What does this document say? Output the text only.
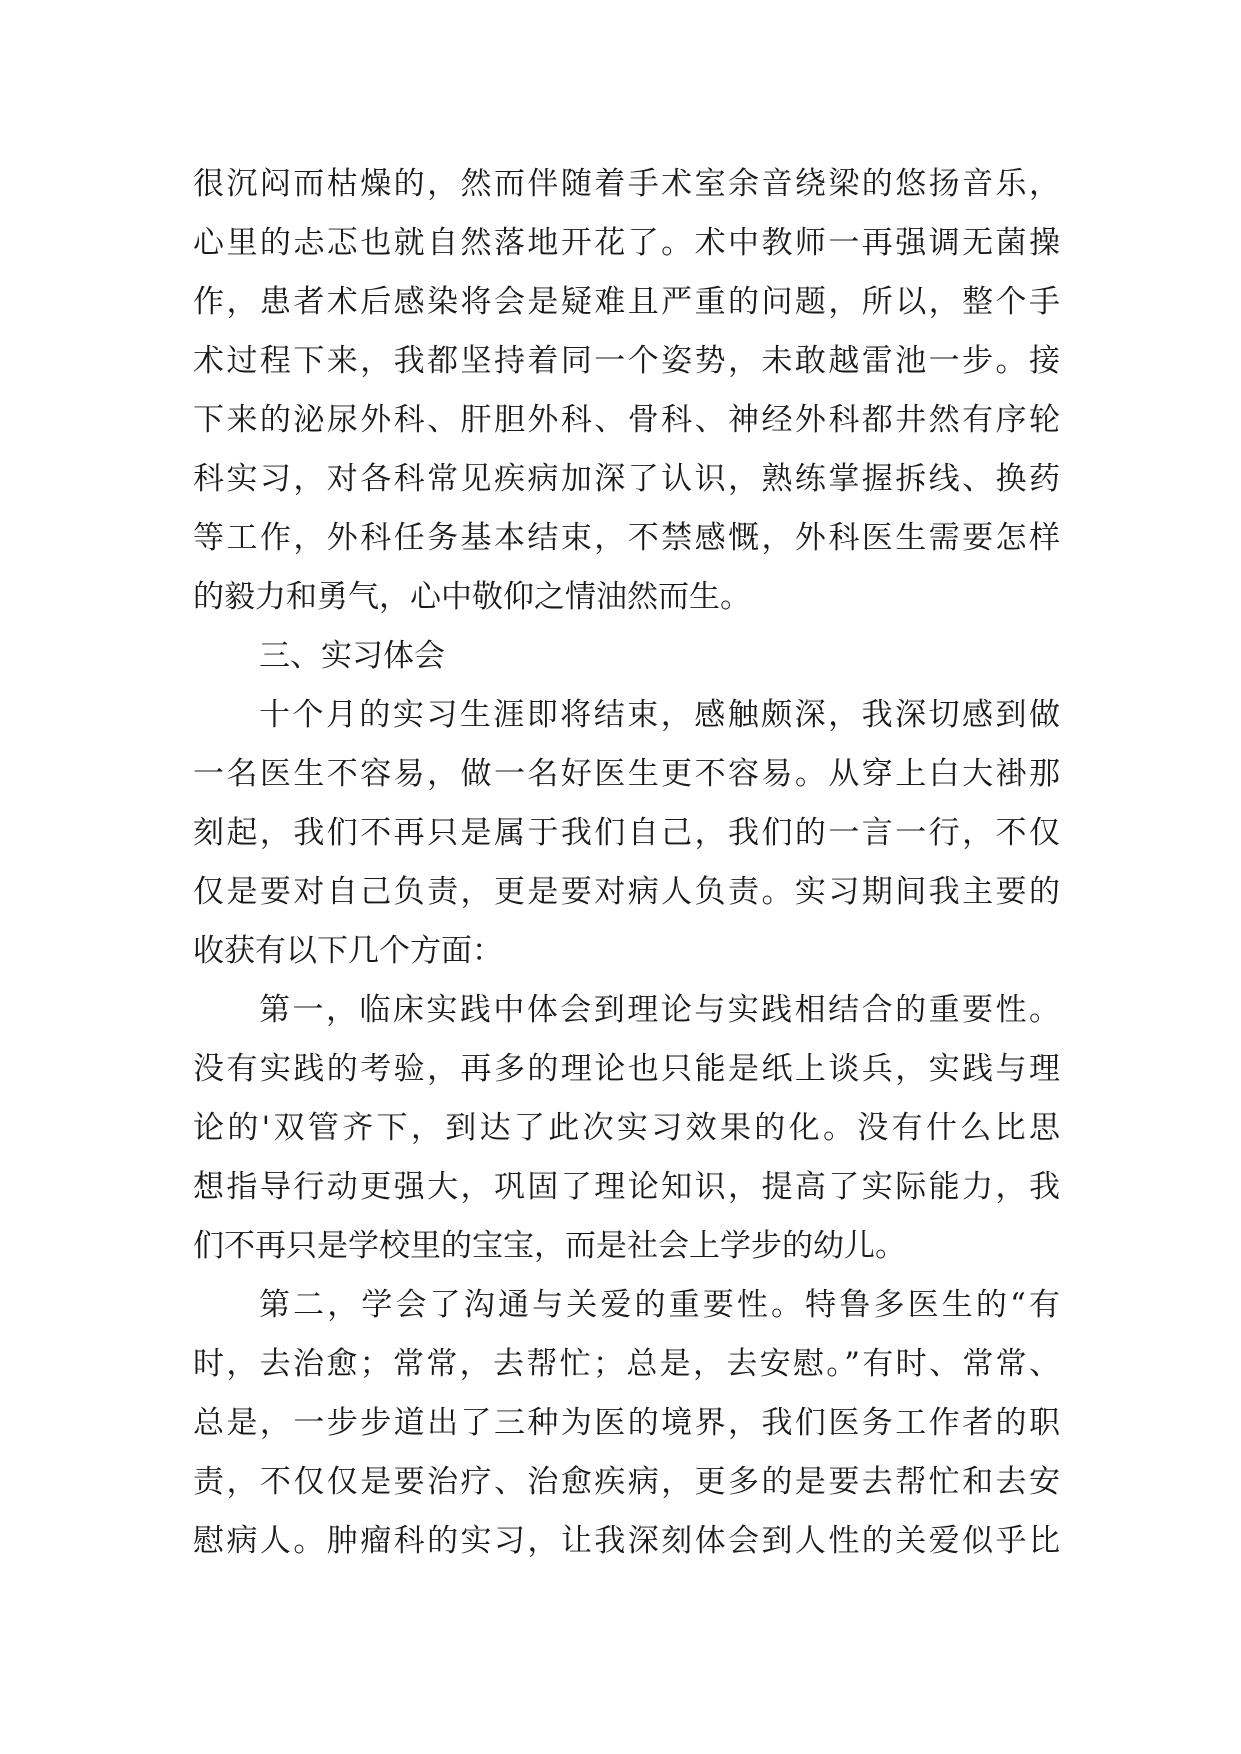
很沉闷而枯燥的，然而伴随着手术室余音绕梁的悠扬音乐，
心里的忐忑也就自然落地开花了。术中教师一再强调无菌操
作，患者术后感染将会是疑难且严重的问题，所以，整个手
术过程下来，我都坚持着同一个姿势，未敢越雷池一步。接
下来的泌尿外科、肝胆外科、骨科、神经外科都井然有序轮
科实习，对各科常见疾病加深了认识，熟练掌握拆线、换药
等工作，外科任务基本结束，不禁感慨，外科医生需要怎样
的毅力和勇气，心中敬仰之情油然而生。
三、实习体会
十个月的实习生涯即将结束，感触颇深，我深切感到做
一名医生不容易，做一名好医生更不容易。从穿上白大褂那
刻起，我们不再只是属于我们自己，我们的一言一行，不仅
仅是要对自己负责，更是要对病人负责。实习期间我主要的
收获有以下几个方面：
第一，临床实践中体会到理论与实践相结合的重要性。
没有实践的考验，再多的理论也只能是纸上谈兵，实践与理
论的'双管齐下，到达了此次实习效果的化。没有什么比思
想指导行动更强大，巩固了理论知识，提高了实际能力，我
们不再只是学校里的宝宝，而是社会上学步的幼儿。
第二，学会了沟通与关爱的重要性。特鲁多医生的“有
时，去治愈；常常，去帮忙；总是，去安慰。”有时、常常、
总是，一步步道出了三种为医的境界，我们医务工作者的职
责，不仅仅是要治疗、治愈疾病，更多的是要去帮忙和去安
慰病人。肿瘤科的实习，让我深刻体会到人性的关爱似乎比
